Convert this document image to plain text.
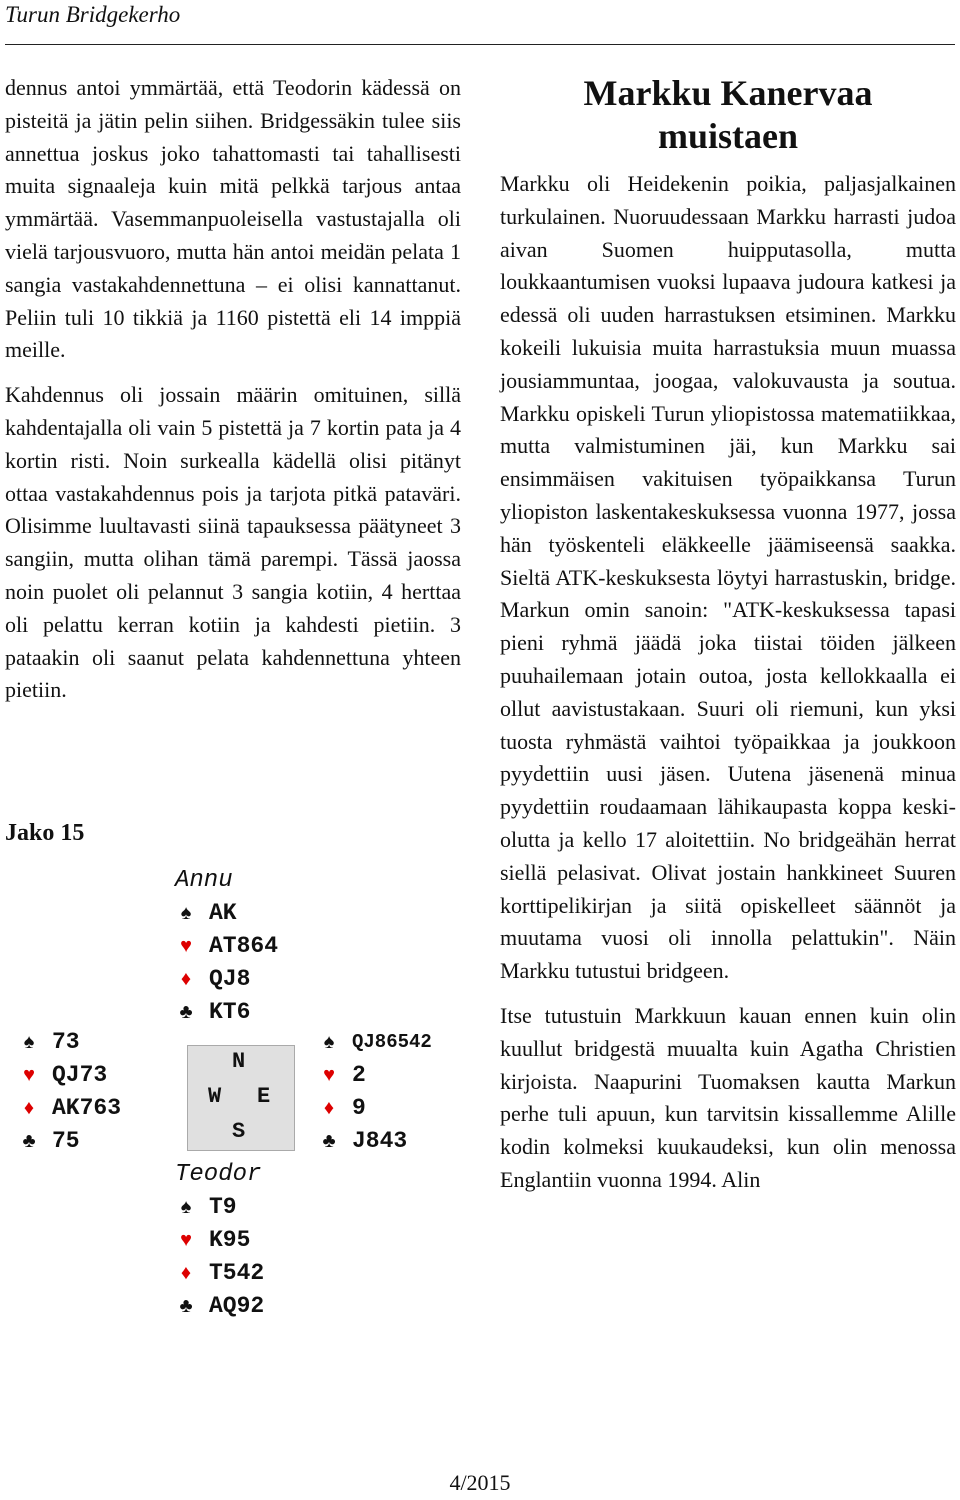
Turun Bridgekerho

dennus antoi ymmärtää, että Teodorin kädessä on pisteitä ja jätin pelin siihen. Bridgessäkin tulee siis annettua joskus joko tahattomasti tai tahallisesti muita signaaleja kuin mitä pelkkä tarjous antaa ymmärtää. Vasemmanpuoleisella vastustajalla oli vielä tarjousvuoro, mutta hän antoi meidän pelata 1 sangia vastakahdennettuna – ei olisi kannattanut. Peliin tuli 10 tikkiä ja 1160 pistettä eli 14 imppiä meille.

Kahdennus oli jossain määrin omituinen, sillä kahdentajalla oli vain 5 pistettä ja 7 kortin pata ja 4 kortin risti. Noin surkealla kädellä olisi pitänyt ottaa vastakahdennus pois ja tarjota pitkä pataväri. Olisimme luultavasti siinä tapauksessa päätyneet 3 sangiin, mutta olihan tämä parempi. Tässä jaossa noin puolet oli pelannut 3 sangia kotiin, 4 herttaa oli pelattu kerran kotiin ja kahdesti pietiin. 3 pataakin oli saanut pelata kahdennettuna yhteen pietiin.

Jako 15
Annu
♠ AK
♥ AT864
♦ QJ8
♣ KT6
♠ 73
♥ QJ73
♦ AK763
♣ 75
N
W E
S
♠ QJ86542
♥ 2
♦ 9
♣ J843
Teodor
♠ T9
♥ K95
♦ T542
♣ AQ92
Markku Kanervaa
muistaen

Markku oli Heidekenin poikia, paljasjalkainen turkulainen. Nuoruudessaan Markku harrasti judoa aivan Suomen huipputasolla, mutta loukkaantumisen vuoksi lupaava judoura katkesi ja edessä oli uuden harrastuksen etsiminen. Markku kokeili lukuisia muita harrastuksia muun muassa jousiammuntaa, joogaa, valokuvausta ja soutua. Markku opiskeli Turun yliopistossa matematiikkaa, mutta valmistuminen jäi, kun Markku sai ensimmäisen vakituisen työpaikkansa Turun yliopiston laskentakeskuksessa vuonna 1977, jossa hän työskenteli eläkkeelle jäämiseensä saakka. Sieltä ATK-keskuksesta löytyi harrastuskin, bridge. Markun omin sanoin: "ATK-keskuksessa tapasi pieni ryhmä jäädä joka tiistai töiden jälkeen puuhailemaan jotain outoa, josta kellokkaalla ei ollut aavistustakaan. Suuri oli riemuni, kun yksi tuosta ryhmästä vaihtoi työpaikkaa ja joukkoon pyydettiin uusi jäsen. Uutena jäsenenä minua pyydettiin roudaamaan lähikaupasta koppa keskiolutta ja kello 17 aloitettiin. No bridgeähän herrat siellä pelasivat. Olivat jostain hankkineet Suuren korttipelikirjan ja siitä opiskelleet säännöt ja muutama vuosi oli innolla pelattukin". Näin Markku tutustui bridgeen.

Itse tutustuin Markkuun kauan ennen kuin olin kuullut bridgestä muualta kuin Agatha Christien kirjoista. Naapurini Tuomaksen kautta Markun perhe tuli apuun, kun tarvitsin kissallemme Alille kodin kolmeksi kuukaudeksi, kun olin menossa Englantiin vuonna 1994. Alin

4/2015
